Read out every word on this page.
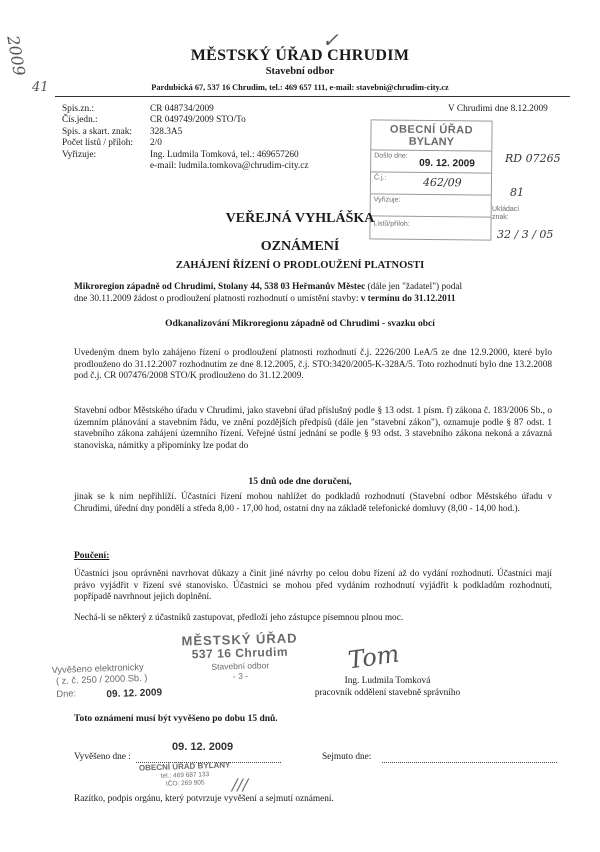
2009
41
✓
MĚSTSKÝ ÚŘAD CHRUDIM
Stavební odbor
Pardubická 67, 537 16 Chrudim, tel.: 469 657 111, e-mail: stavebni@chrudim-city.cz
Spis.zn.:	CR 048734/2009
Čís.jedn.:	CR 049749/2009 STO/To
Spis. a skart. znak:	328.3A5
Počet listů / příloh:	2/0
Vyřizuje:	Ing. Ludmila Tomková, tel.: 469657260
	e-mail: ludmila.tomkova@chrudim-city.cz
V Chrudimi dne 8.12.2009
OBECNÍ ÚŘAD
BYLANY
Došlo dne:
09. 12. 2009
Č.j.:	462/09
Vyřizuje:
Listů/příloh:
Ukládací znak:
RD 07265
81
32 / 3 / 05
VEŘEJNÁ VYHLÁŠKA
OZNÁMENÍ
ZAHÁJENÍ ŘÍZENÍ O PRODLOUŽENÍ PLATNOSTI
Mikroregion západně od Chrudimi, Stolany 44, 538 03 Heřmanův Městec (dále jen "žadatel") podal
dne 30.11.2009 žádost o prodloužení platnosti rozhodnutí o umístění stavby: v termínu do 31.12.2011
Odkanalizování Mikroregionu západně od Chrudimi - svazku obcí
Uvedeným dnem bylo zahájeno řízení o prodloužení platnosti rozhodnutí č.j. 2226/200 LeA/5 ze dne 12.9.2000, které bylo prodlouženo do 31.12.2007 rozhodnutím ze dne 8.12.2005, č.j. STO:3420/2005-K-328A/5. Toto rozhodnutí bylo dne 13.2.2008 pod č.j. CR 007476/2008 STO/K prodlouženo do 31.12.2009.
Stavební odbor Městského úřadu v Chrudimi, jako stavební úřad příslušný podle § 13 odst. 1 písm. f) zákona č. 183/2006 Sb., o územním plánování a stavebním řádu, ve znění pozdějších předpisů (dále jen "stavební zákon"), oznamuje podle § 87 odst. 1 stavebního zákona zahájení územního řízení. Veřejné ústní jednání se podle § 93 odst. 3 stavebního zákona nekoná a závazná stanoviska, námitky a připomínky lze podat do
15 dnů ode dne doručení,
jinak se k nim nepřihlíží. Účastníci řízení mohou nahlížet do podkladů rozhodnutí (Stavební odbor Městského úřadu v Chrudimi, úřední dny pondělí a středa 8,00 - 17,00 hod, ostatní dny na základě telefonické domluvy (8,00 - 14,00 hod.).
Poučení:
Účastníci jsou oprávněni navrhovat důkazy a činit jiné návrhy po celou dobu řízení až do vydání rozhodnutí. Účastníci mají právo vyjádřit v řízení své stanovisko. Účastníci se mohou před vydáním rozhodnutí vyjádřit k podkladům rozhodnutí, popřípadě navrhnout jejich doplnění.
Nechá-li se některý z účastníků zastupovat, předloží jeho zástupce písemnou plnou moc.
MĚSTSKÝ ÚŘAD
537 16 Chrudim
Stavební odbor
- 3 -
Vyvěšeno elektronicky
( z. č. 250 / 2000 Sb. )
Dne:	09. 12. 2009
Tom
Ing. Ludmila Tomková
pracovník oddělení stavebně správního
Toto oznámení musí být vyvěšeno po dobu 15 dnů.
Vyvěšeno dne :
09. 12. 2009
Sejmuto dne:
OBECNÍ ÚŘAD BYLANY
tel.: 469 687 133
IČO: 269 905	∕/∕
Razítko, podpis orgánu, který potvrzuje vyvěšení a sejmutí oznámení.
